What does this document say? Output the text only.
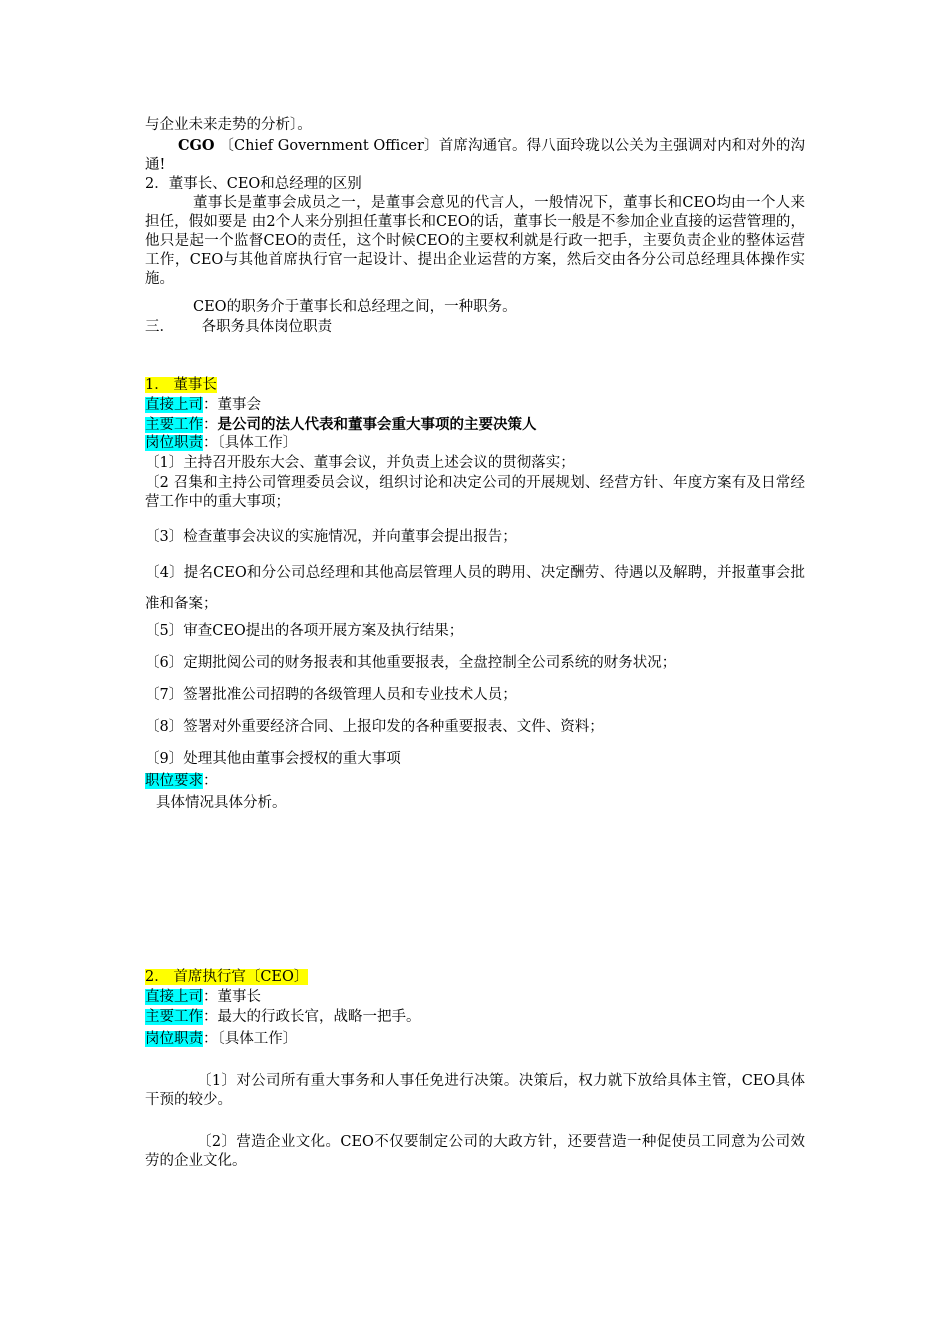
与企业未来走势的分析〕。

CGO 〔Chief Government Officer〕首席沟通官。得八面玲珑以公关为主强调对内和对外的沟通!

2．董事长、CEO和总经理的区别

董事长是董事会成员之一，是董事会意见的代言人，一般情况下，董事长和CEO均由一个人来担任，假如要是 由2个人来分别担任董事长和CEO的话，董事长一般是不参加企业直接的运营管理的，他只是起一个监督CEO的责任，这个时候CEO的主要权利就是行政一把手，主要负责企业的整体运营工作，CEO与其他首席执行官一起设计、提出企业运营的方案，然后交由各分公司总经理具体操作实施。

CEO的职务介于董事长和总经理之间，一种职务。

三．      各职务具体岗位职责

1． 董事长

直接上司：董事会

主要工作：是公司的法人代表和董事会重大事项的主要决策人

岗位职责：〔具体工作〕

〔1〕主持召开股东大会、董事会议，并负责上述会议的贯彻落实；

〔2 召集和主持公司管理委员会议，组织讨论和决定公司的开展规划、经营方针、年度方案有及日常经营工作中的重大事项；

〔3〕检查董事会决议的实施情况，并向董事会提出报告；

〔4〕提名CEO和分公司总经理和其他高层管理人员的聘用、决定酬劳、待遇以及解聘，并报董事会批准和备案；

〔5〕审查CEO提出的各项开展方案及执行结果；

〔6〕定期批阅公司的财务报表和其他重要报表，全盘控制全公司系统的财务状况；

〔7〕签署批准公司招聘的各级管理人员和专业技术人员；

〔8〕签署对外重要经济合同、上报印发的各种重要报表、文件、资料；

〔9〕处理其他由董事会授权的重大事项

职位要求：

具体情况具体分析。

2． 首席执行官〔CEO〕

直接上司：董事长

主要工作：最大的行政长官，战略一把手。

岗位职责：〔具体工作〕

〔1〕对公司所有重大事务和人事任免进行决策。决策后，权力就下放给具体主管，CEO具体干预的较少。

〔2〕营造企业文化。CEO不仅要制定公司的大政方针，还要营造一种促使员工同意为公司效劳的企业文化。
